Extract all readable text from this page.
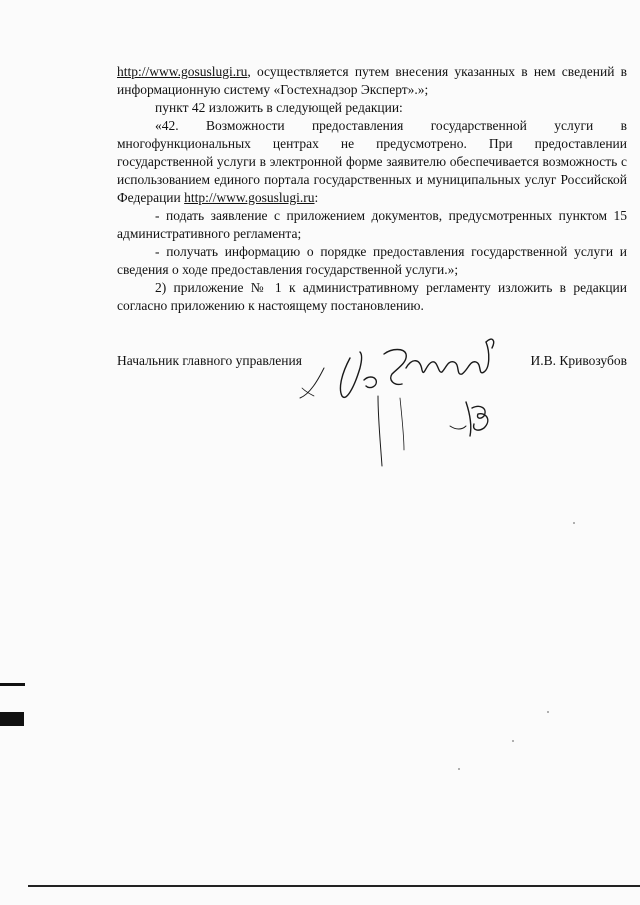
http://www.gosuslugi.ru, осуществляется путем внесения указанных в нем сведений в информационную систему «Гостехнадзор Эксперт».»;

пункт 42 изложить в следующей редакции:

«42. Возможности предоставления государственной услуги в многофункциональных центрах не предусмотрено. При предоставлении государственной услуги в электронной форме заявителю обеспечивается возможность с использованием единого портала государственных и муниципальных услуг Российской Федерации http://www.gosuslugi.ru:

- подать заявление с приложением документов, предусмотренных пунктом 15 административного регламента;

- получать информацию о порядке предоставления государственной услуги и сведения о ходе предоставления государственной услуги.»;

2) приложение № 1 к административному регламенту изложить в редакции согласно приложению к настоящему постановлению.

Начальник главного управления	И.В. Кривозубов
